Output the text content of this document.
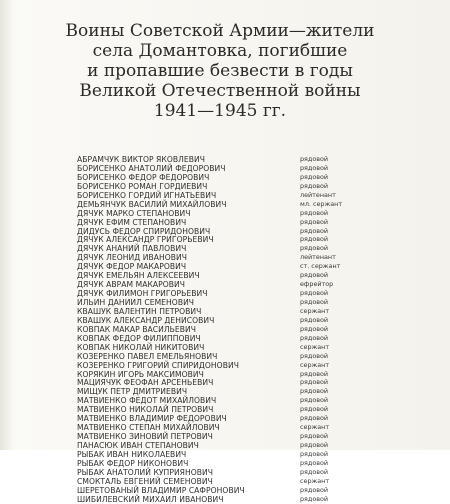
Воины Советской Армии—жители
села Домантовка, погибшие
и пропавшие безвести в годы
Великой Отечественной войны
1941—1945 гг.
АБРАМЧУК ВИКТОР ЯКОВЛЕВИЧ	рядовой
БОРИСЕНКО АНАТОЛИЙ ФЕДОРОВИЧ	рядовой
БОРИСЕНКО ФЕДОР ФЕДОРОВИЧ	рядовой
БОРИСЕНКО РОМАН ГОРДИЕВИЧ	рядовой
БОРИСЕНКО ГОРДИЙ ИГНАТЬЕВИЧ	лейтенант
ДЕМЬЯНЧУК ВАСИЛИЙ МИХАЙЛОВИЧ	мл. сержант
ДЯЧУК МАРКО СТЕПАНОВИЧ	рядовой
ДЯЧУК ЕФИМ СТЕПАНОВИЧ	рядовой
ДИДУСЬ ФЕДОР СПИРИДОНОВИЧ	рядовой
ДЯЧУК АЛЕКСАНДР ГРИГОРЬЕВИЧ	рядовой
ДЯЧУК АНАНИЙ ПАВЛОВИЧ	рядовой
ДЯЧУК ЛЕОНИД ИВАНОВИЧ	лейтенант
ДЯЧУК ФЕДОР МАКАРОВИЧ	ст. сержант
ДЯЧУК ЕМЕЛЬЯН АЛЕКСЕЕВИЧ	рядовой
ДЯЧУК АВРАМ МАКАРОВИЧ	ефрейтор
ДЯЧУК ФИЛИМОН ГРИГОРЬЕВИЧ	рядовой
ИЛЬИН ДАНИИЛ СЕМЕНОВИЧ	рядовой
КВАШУК ВАЛЕНТИН ПЕТРОВИЧ	сержант
КВАШУК АЛЕКСАНДР ДЕНИСОВИЧ	рядовой
КОВПАК МАКАР ВАСИЛЬЕВИЧ	рядовой
КОВПАК ФЕДОР ФИЛИППОВИЧ	рядовой
КОВПАК НИКОЛАЙ НИКИТОВИЧ	сержант
КОЗЕРЕНКО ПАВЕЛ ЕМЕЛЬЯНОВИЧ	рядовой
КОЗЕРЕНКО ГРИГОРИЙ СПИРИДОНОВИЧ	сержант
КОРЯКИН ИГОРЬ МАКСИМОВИЧ	рядовой
МАЦИЯЧУК ФЕОФАН АРСЕНЬЕВИЧ	рядовой
МИЩУК ПЕТР ДМИТРИЕВИЧ	рядовой
МАТВИЕНКО ФЕДОТ МИХАЙЛОВИЧ	рядовой
МАТВИЕНКО НИКОЛАЙ ПЕТРОВИЧ	рядовой
МАТВИЕНКО ВЛАДИМИР ФЕДОРОВИЧ	рядовой
МАТВИЕНКО СТЕПАН МИХАЙЛОВИЧ	сержант
МАТВИЕНКО ЗИНОВИЙ ПЕТРОВИЧ	рядовой
ПАНАСЮК ИВАН СТЕПАНОВИЧ	рядовой
РЫБАК ИВАН НИКОЛАЕВИЧ	рядовой
РЫБАК ФЕДОР НИКОНОВИЧ	рядовой
РЫБАК АНАТОЛИЙ КУПРИЯНОВИЧ	рядовой
СМОКТАЛЬ ЕВГЕНИЙ СЕМЕНОВИЧ	сержант
ШЕРЕТОВАНЫЙ ВЛАДИМИР САФРОНОВИЧ	рядовой
ШИБИЛЕВСКИЙ МИХАИЛ ИВАНОВИЧ	рядовой
